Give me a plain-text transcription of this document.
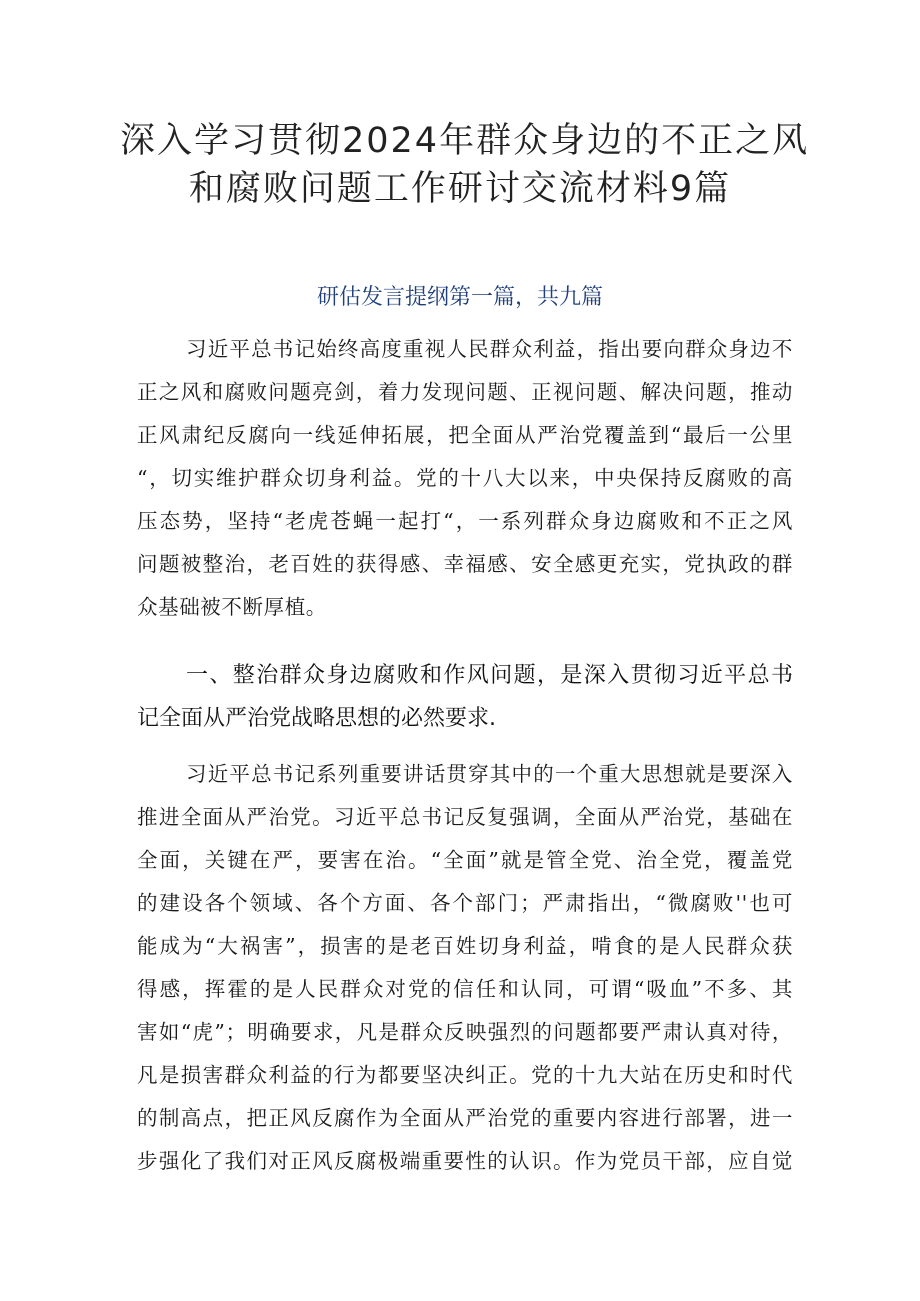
深入学习贯彻2024年群众身边的不正之风
和腐败问题工作研讨交流材料9篇
研估发言提纲第一篇，共九篇

习近平总书记始终高度重视人民群众利益，指出要向群众身边不

正之风和腐败问题亮剑，着力发现问题、正视问题、解决问题，推动

正风肃纪反腐向一线延伸拓展，把全面从严治党覆盖到“最后一公里

“，切实维护群众切身利益。党的十八大以来，中央保持反腐败的高

压态势，坚持“老虎苍蝇一起打“，一系列群众身边腐败和不正之风

问题被整治，老百姓的获得感、幸福感、安全感更充实，党执政的群

众基础被不断厚植。

一、整治群众身边腐败和作风问题，是深入贯彻习近平总书
记全面从严治党战略思想的必然要求.

习近平总书记系列重要讲话贯穿其中的一个重大思想就是要深入

推进全面从严治党。习近平总书记反复强调，全面从严治党，基础在

全面，关键在严，要害在治。“全面”就是管全党、治全党，覆盖党

的建设各个领域、各个方面、各个部门；严肃指出，“微腐败''也可

能成为“大祸害”，损害的是老百姓切身利益，啃食的是人民群众获

得感，挥霍的是人民群众对党的信任和认同，可谓“吸血”不多、其

害如“虎”；明确要求，凡是群众反映强烈的问题都要严肃认真对待，

凡是损害群众利益的行为都要坚决纠正。党的十九大站在历史和时代

的制高点，把正风反腐作为全面从严治党的重要内容进行部署，进一

步强化了我们对正风反腐极端重要性的认识。作为党员干部，应自觉
